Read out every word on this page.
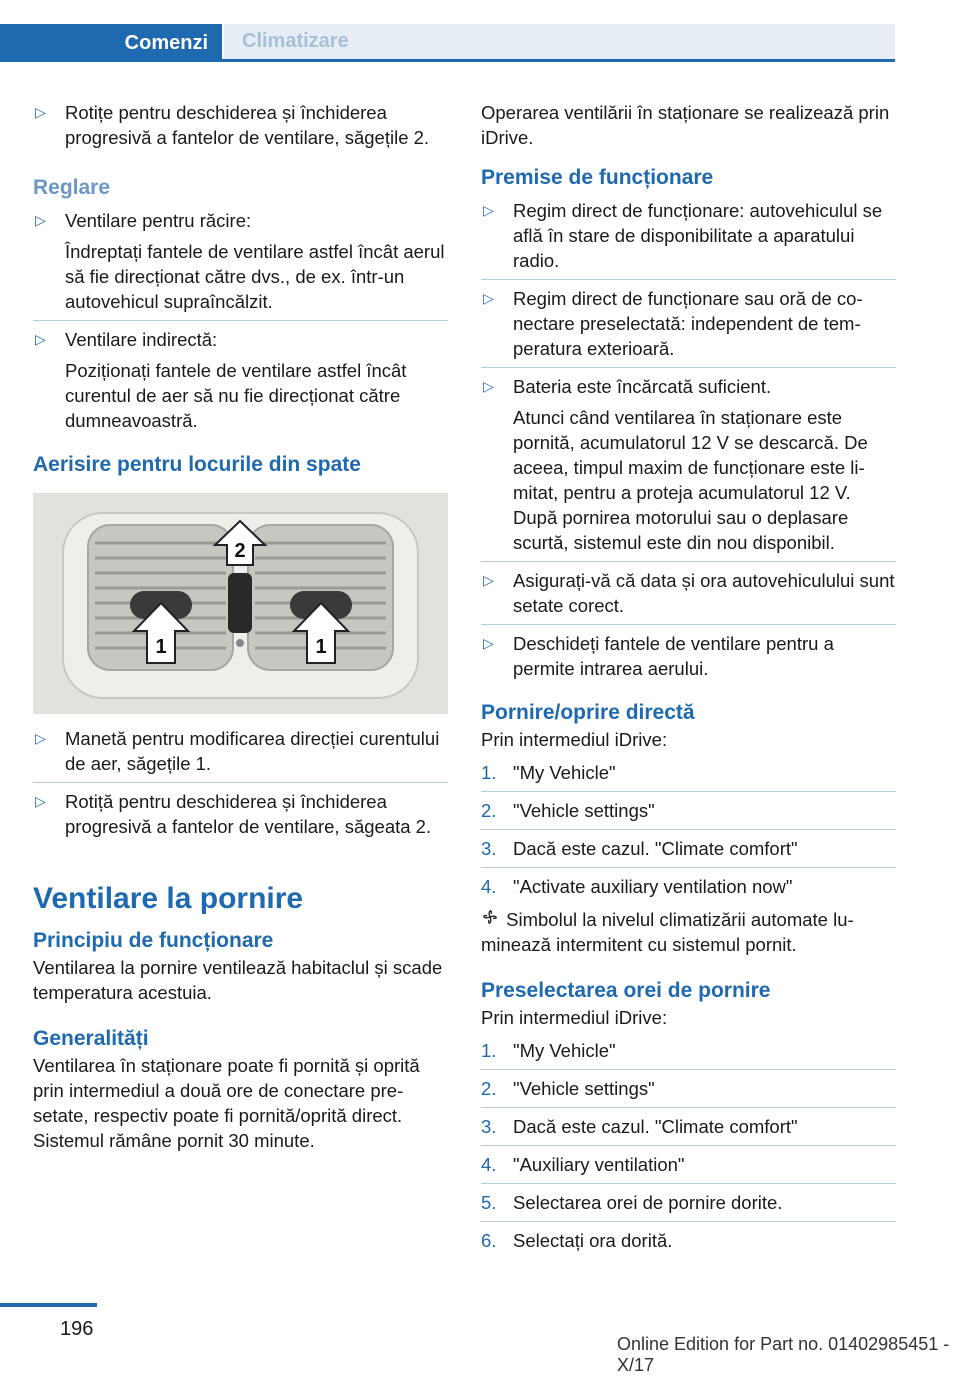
Comenzi	Climatizare
▷ Rotițe pentru deschiderea și închiderea progresivă a fantelor de ventilare, săgețile 2.

Reglare
▷ Ventilare pentru răcire:

Îndreptați fantele de ventilare astfel încât aerul să fie direcționat către dvs., de ex. într-un autovehicul supraîncălzit.

▷ Ventilare indirectă:

Poziționați fantele de ventilare astfel încât curentul de aer să nu fie direcționat către dumneavoastră.

Aerisire pentru locurile din spate
2
1	1
▷ Manetă pentru modificarea direcției curentului de aer, săgețile 1.

▷ Rotiță pentru deschiderea și închiderea progresivă a fantelor de ventilare, săgeata 2.

Ventilare la pornire
Principiu de funcționare

Ventilarea la pornire ventilează habitaclul și scade temperatura acestuia.

Generalități

Ventilarea în staționare poate fi pornită și oprită prin intermediul a două ore de conectare presetate, respectiv poate fi pornită/oprită direct. Sistemul rămâne pornit 30 minute.

Operarea ventilării în staționare se realizează prin iDrive.

Premise de funcționare
▷ Regim direct de funcționare: autovehiculul se află în stare de disponibilitate a aparatului radio.

▷ Regim direct de funcționare sau oră de conectare preselectată: independent de temperatura exterioară.

▷ Bateria este încărcată suficient.

Atunci când ventilarea în staționare este pornită, acumulatorul 12 V se descarcă. De aceea, timpul maxim de funcționare este limitat, pentru a proteja acumulatorul 12 V. După pornirea motorului sau o deplasare scurtă, sistemul este din nou disponibil.

▷ Asigurați-vă că data și ora autovehiculului sunt setate corect.

▷ Deschideți fantele de ventilare pentru a permite intrarea aerului.

Pornire/oprire directă

Prin intermediul iDrive:

1. "My Vehicle"
2. "Vehicle settings"
3. Dacă este cazul. "Climate comfort"
4. "Activate auxiliary ventilation now"

Simbolul la nivelul climatizării automate luminează intermitent cu sistemul pornit.

Preselectarea orei de pornire

Prin intermediul iDrive:

1. "My Vehicle"
2. "Vehicle settings"
3. Dacă este cazul. "Climate comfort"
4. "Auxiliary ventilation"
5. Selectarea orei de pornire dorite.
6. Selectați ora dorită.
196
Online Edition for Part no. 01402985451 - X/17
